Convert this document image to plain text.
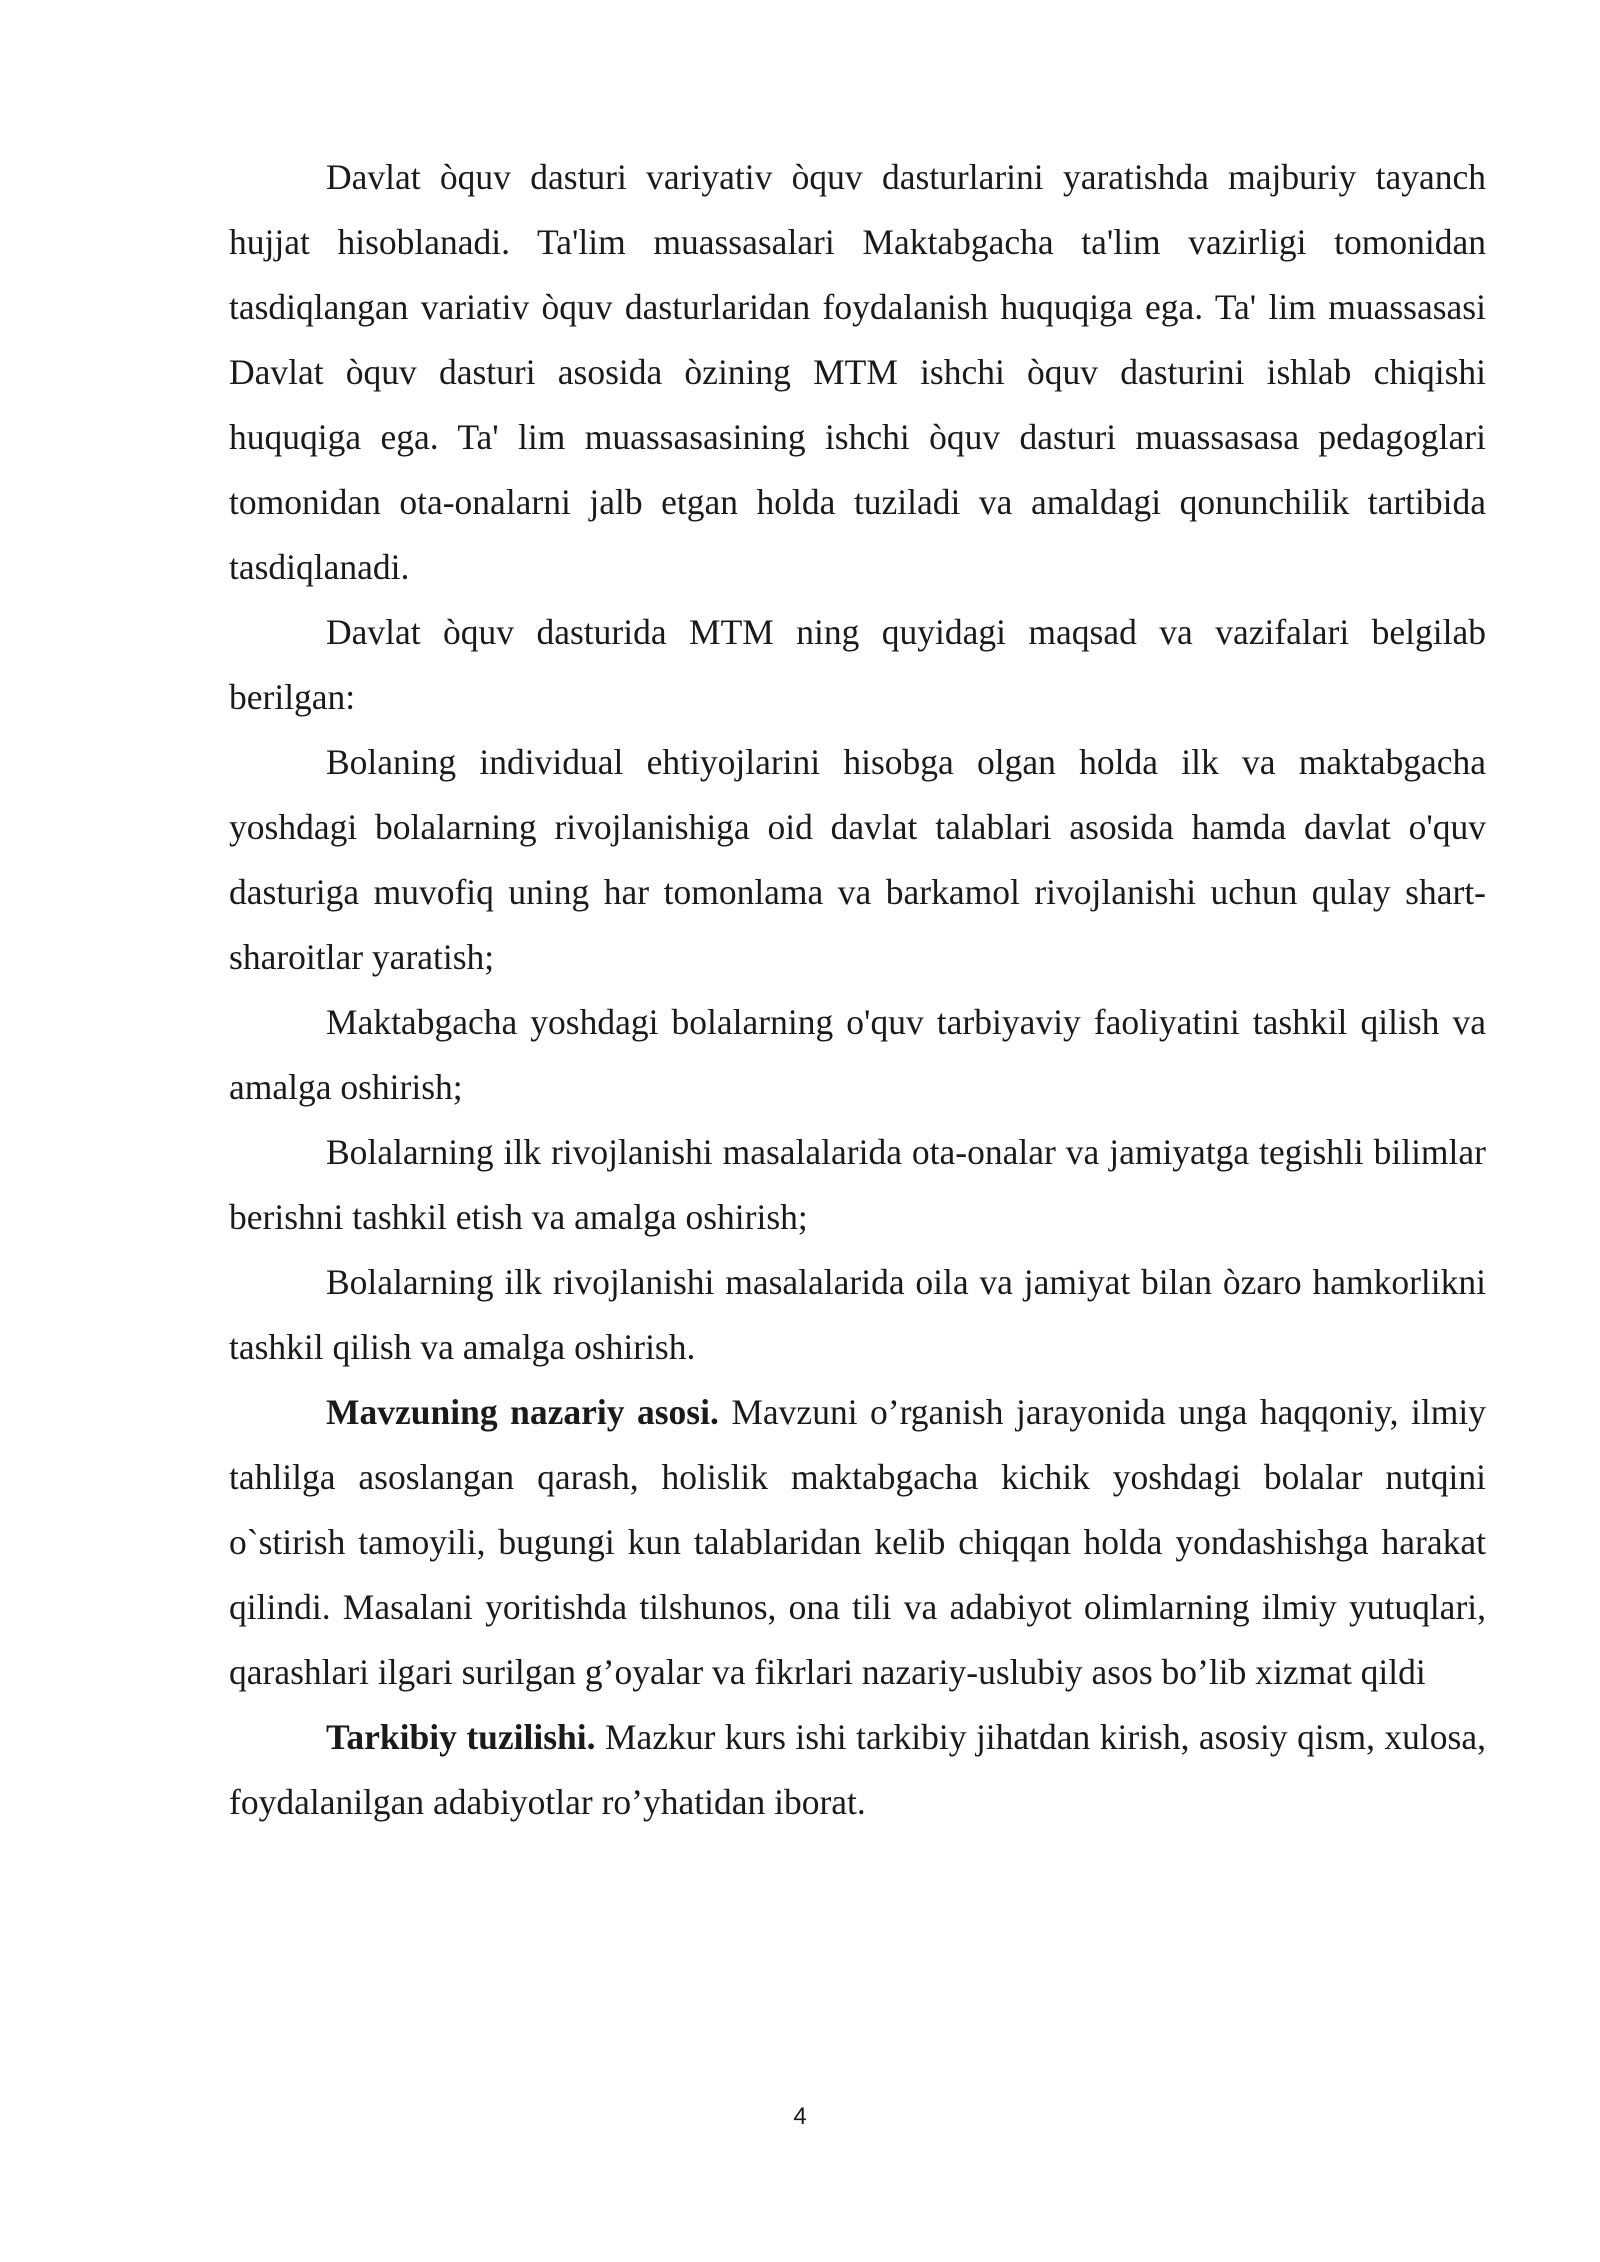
Davlat òquv dasturi variyativ òquv dasturlarini yaratishda majburiy tayanch hujjat hisoblanadi. Ta'lim muassasalari Maktabgacha ta'lim vazirligi tomonidan tasdiqlangan variativ òquv dasturlaridan foydalanish huquqiga ega. Ta' lim muassasasi Davlat òquv dasturi asosida òzining MTM ishchi òquv dasturini ishlab chiqishi huquqiga ega. Ta' lim muassasasining ishchi òquv dasturi muassasasa pedagoglari tomonidan ota-onalarni jalb etgan holda tuziladi va amaldagi qonunchilik tartibida tasdiqlanadi.

Davlat òquv dasturida MTM ning quyidagi maqsad va vazifalari belgilab berilgan:

Bolaning individual ehtiyojlarini hisobga olgan holda ilk va maktabgacha yoshdagi bolalarning rivojlanishiga oid davlat talablari asosida hamda davlat o'quv dasturiga muvofiq uning har tomonlama va barkamol rivojlanishi uchun qulay shart-sharoitlar yaratish;

Maktabgacha yoshdagi bolalarning o'quv tarbiyaviy faoliyatini tashkil qilish va amalga oshirish;

Bolalarning ilk rivojlanishi masalalarida ota-onalar va jamiyatga tegishli bilimlar berishni tashkil etish va amalga oshirish;

Bolalarning ilk rivojlanishi masalalarida oila va jamiyat bilan òzaro hamkorlikni tashkil qilish va amalga oshirish.

Mavzuning nazariy asosi. Mavzuni o’rganish jarayonida unga haqqoniy, ilmiy tahlilga asoslangan qarash, holislik maktabgacha kichik yoshdagi bolalar nutqini o`stirish tamoyili, bugungi kun talablaridan kelib chiqqan holda yondashishga harakat qilindi. Masalani yoritishda tilshunos, ona tili va adabiyot olimlarning ilmiy yutuqlari, qarashlari ilgari surilgan g’oyalar va fikrlari nazariy-uslubiy asos bo’lib xizmat qildi

Tarkibiy tuzilishi. Mazkur kurs ishi tarkibiy jihatdan kirish, asosiy qism, xulosa, foydalanilgan adabiyotlar ro’yhatidan iborat.

4
